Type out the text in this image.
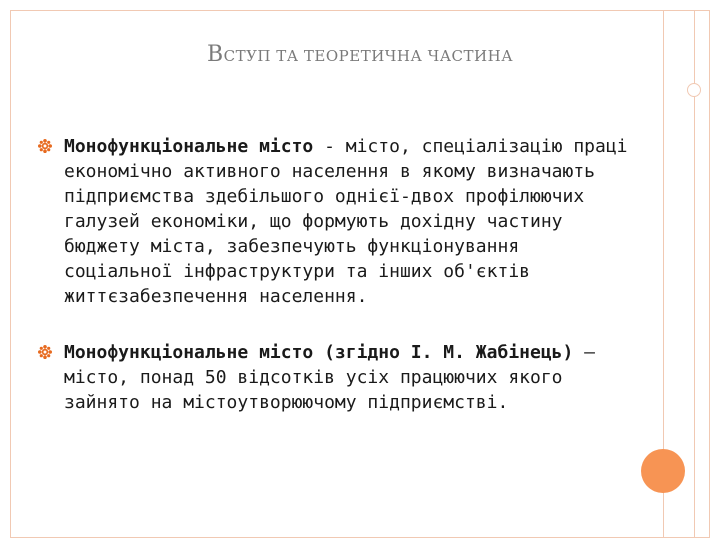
ВСТУП ТА ТЕОРЕТИЧНА ЧАСТИНА
Монофункціональне місто - місто, спеціалізацію праці економічно активного населення в якому визначають підприємства здебільшого однієї-двох профілюючих галузей економіки, що формують дохідну частину бюджету міста, забезпечують функціонування соціальної інфраструктури та інших об'єктів життєзабезпечення населення.
Монофункціональне місто (згідно І. М. Жабінець) – місто, понад 50 відсотків усіх працюючих якого зайнято на містоутворюючому підприємстві.
